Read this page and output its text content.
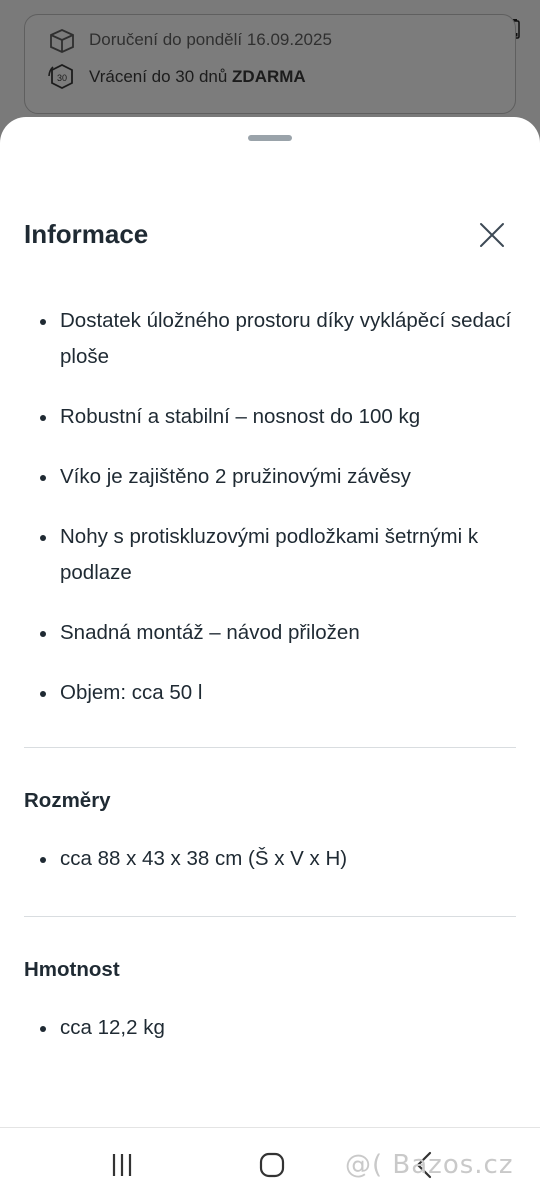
Doručení do pondělí 16.09.2025
30 Vrácení do 30 dnů ZDARMA
Informace
Dostatek úložného prostoru díky vyklápěcí sedací ploše
Robustní a stabilní – nosnost do 100 kg
Víko je zajištěno 2 pružinovými závěsy
Nohy s protiskluzovými podložkami šetrnými k podlaze
Snadná montáž – návod přiložen
Objem: cca 50 l
Rozměry
cca 88 x 43 x 38 cm (Š x V x H)
Hmotnost
cca 12,2 kg
@( Bazos.cz
